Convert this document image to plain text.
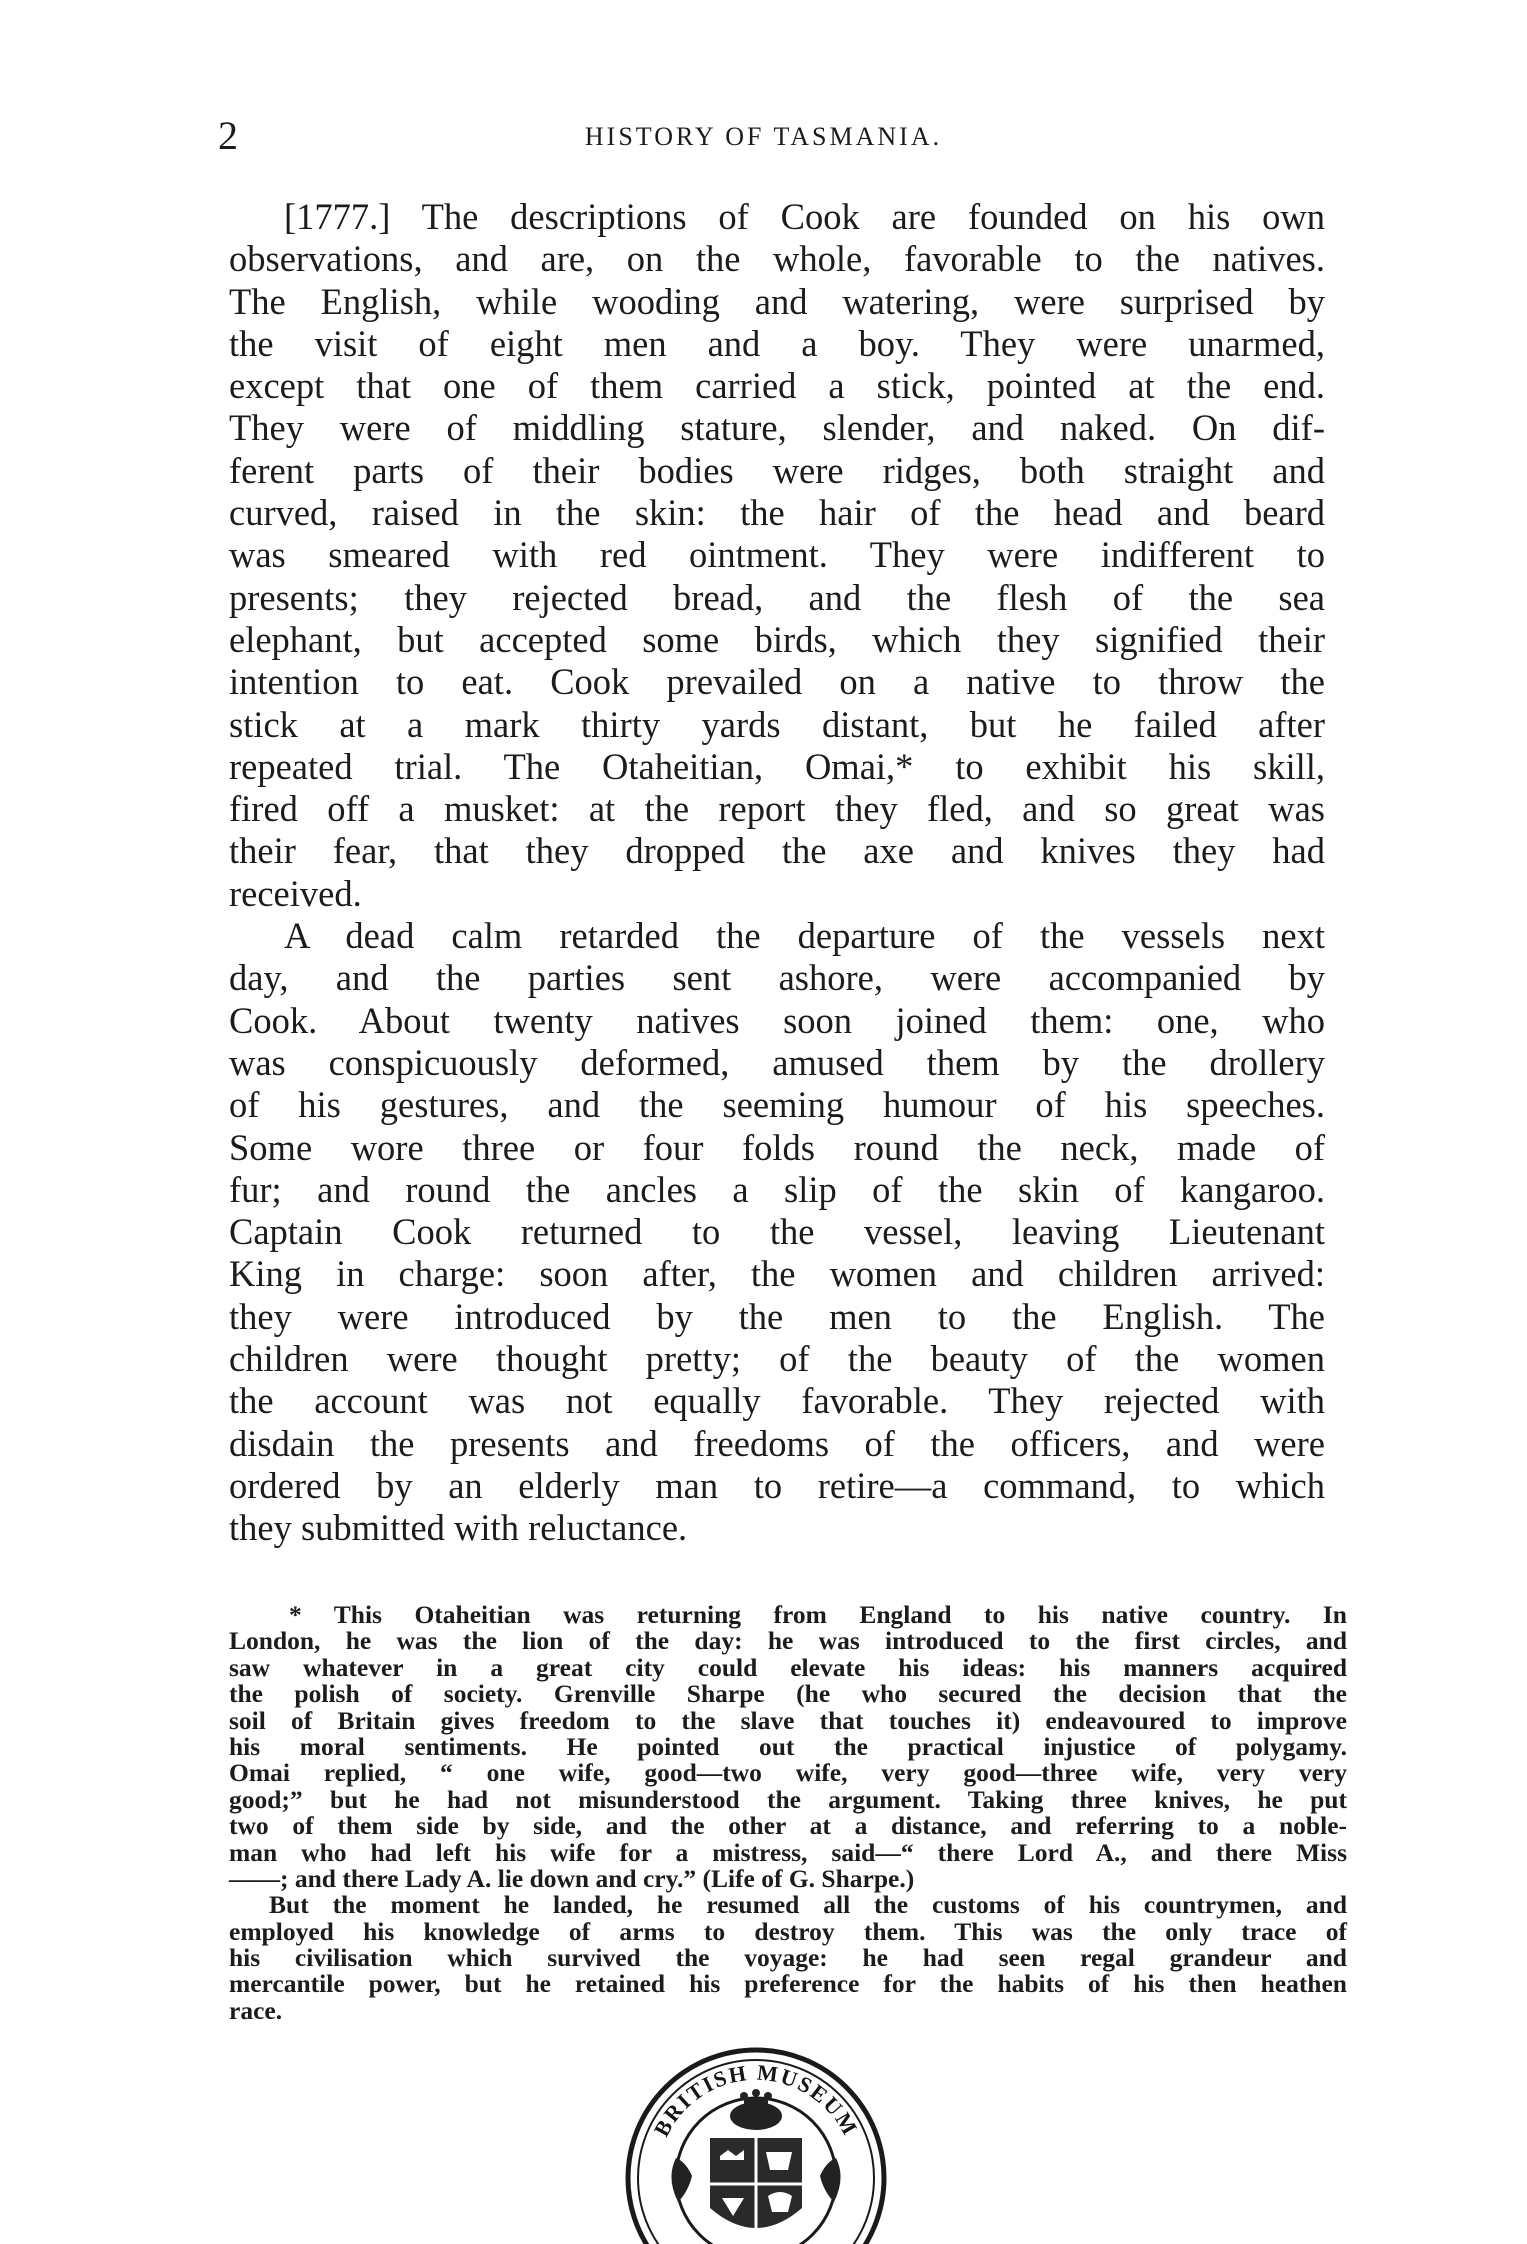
2	HISTORY OF TASMANIA.
[1777.] The descriptions of Cook are founded on his own
observations, and are, on the whole, favorable to the natives.
The English, while wooding and watering, were surprised by
the visit of eight men and a boy. They were unarmed,
except that one of them carried a stick, pointed at the end.
They were of middling stature, slender, and naked. On dif-
ferent parts of their bodies were ridges, both straight and
curved, raised in the skin: the hair of the head and beard
was smeared with red ointment. They were indifferent to
presents; they rejected bread, and the flesh of the sea
elephant, but accepted some birds, which they signified their
intention to eat. Cook prevailed on a native to throw the
stick at a mark thirty yards distant, but he failed after
repeated trial. The Otaheitian, Omai,* to exhibit his skill,
fired off a musket: at the report they fled, and so great was
their fear, that they dropped the axe and knives they had
received.
A dead calm retarded the departure of the vessels next
day, and the parties sent ashore, were accompanied by
Cook. About twenty natives soon joined them: one, who
was conspicuously deformed, amused them by the drollery
of his gestures, and the seeming humour of his speeches.
Some wore three or four folds round the neck, made of
fur; and round the ancles a slip of the skin of kangaroo.
Captain Cook returned to the vessel, leaving Lieutenant
King in charge: soon after, the women and children arrived:
they were introduced by the men to the English. The
children were thought pretty; of the beauty of the women
the account was not equally favorable. They rejected with
disdain the presents and freedoms of the officers, and were
ordered by an elderly man to retire—a command, to which
they submitted with reluctance.
* This Otaheitian was returning from England to his native country. In
London, he was the lion of the day: he was introduced to the first circles, and
saw whatever in a great city could elevate his ideas: his manners acquired
the polish of society. Grenville Sharpe (he who secured the decision that the
soil of Britain gives freedom to the slave that touches it) endeavoured to improve
his moral sentiments. He pointed out the practical injustice of polygamy.
Omai replied, “ one wife, good—two wife, very good—three wife, very very
good;” but he had not misunderstood the argument. Taking three knives, he put
two of them side by side, and the other at a distance, and referring to a noble-
man who had left his wife for a mistress, said—“ there Lord A., and there Miss
——; and there Lady A. lie down and cry.” (Life of G. Sharpe.)
But the moment he landed, he resumed all the customs of his countrymen, and
employed his knowledge of arms to destroy them. This was the only trace of
his civilisation which survived the voyage: he had seen regal grandeur and
mercantile power, but he retained his preference for the habits of his then heathen
race.
BRITISH MUSEUM
